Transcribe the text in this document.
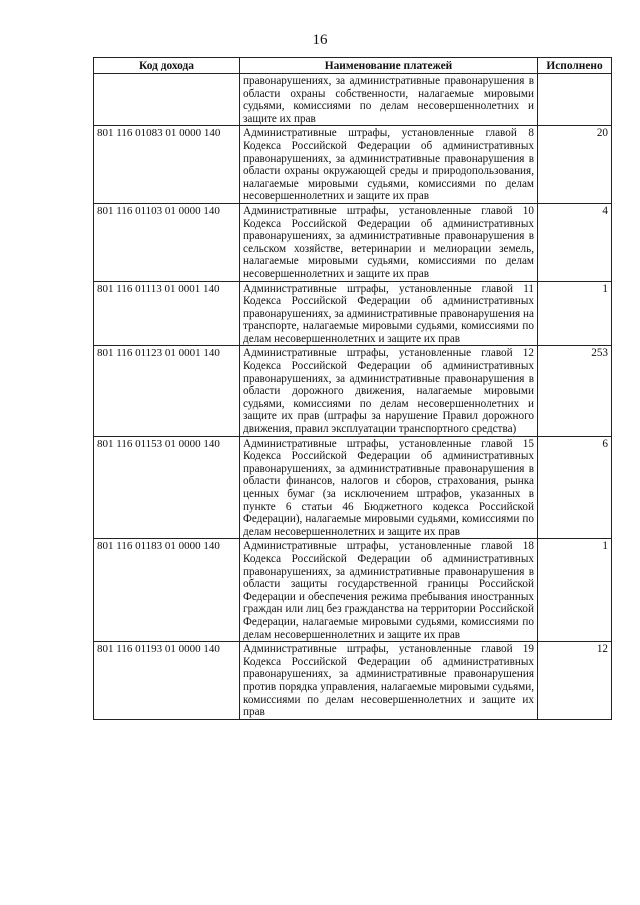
16
Код дохода	Наименование платежей	Исполнено
	правонарушениях, за административные правонарушения в области охраны собственности, налагаемые мировыми судьями, комиссиями по делам несовершеннолетних и защите их прав	
801 116 01083 01 0000 140	Административные штрафы, установленные главой 8 Кодекса Российской Федерации об административных правонарушениях, за административные правонарушения в области охраны окружающей среды и природопользования, налагаемые мировыми судьями, комиссиями по делам несовершеннолетних и защите их прав	20
801 116 01103 01 0000 140	Административные штрафы, установленные главой 10 Кодекса Российской Федерации об административных правонарушениях, за административные правонарушения в сельском хозяйстве, ветеринарии и мелиорации земель, налагаемые мировыми судьями, комиссиями по делам несовершеннолетних и защите их прав	4
801 116 01113 01 0001 140	Административные штрафы, установленные главой 11 Кодекса Российской Федерации об административных правонарушениях, за административные правонарушения на транспорте, налагаемые мировыми судьями, комиссиями по делам несовершеннолетних и защите их прав	1
801 116 01123 01 0001 140	Административные штрафы, установленные главой 12 Кодекса Российской Федерации об административных правонарушениях, за административные правонарушения в области дорожного движения, налагаемые мировыми судьями, комиссиями по делам несовершеннолетних и защите их прав (штрафы за нарушение Правил дорожного движения, правил эксплуатации транспортного средства)	253
801 116 01153 01 0000 140	Административные штрафы, установленные главой 15 Кодекса Российской Федерации об административных правонарушениях, за административные правонарушения в области финансов, налогов и сборов, страхования, рынка ценных бумаг (за исключением штрафов, указанных в пункте 6 статьи 46 Бюджетного кодекса Российской Федерации), налагаемые мировыми судьями, комиссиями по делам несовершеннолетних и защите их прав	6
801 116 01183 01 0000 140	Административные штрафы, установленные главой 18 Кодекса Российской Федерации об административных правонарушениях, за административные правонарушения в области защиты государственной границы Российской Федерации и обеспечения режима пребывания иностранных граждан или лиц без гражданства на территории Российской Федерации, налагаемые мировыми судьями, комиссиями по делам несовершеннолетних и защите их прав	1
801 116 01193 01 0000 140	Административные штрафы, установленные главой 19 Кодекса Российской Федерации об административных правонарушениях, за административные правонарушения против порядка управления, налагаемые мировыми судьями, комиссиями по делам несовершеннолетних и защите их прав	12
